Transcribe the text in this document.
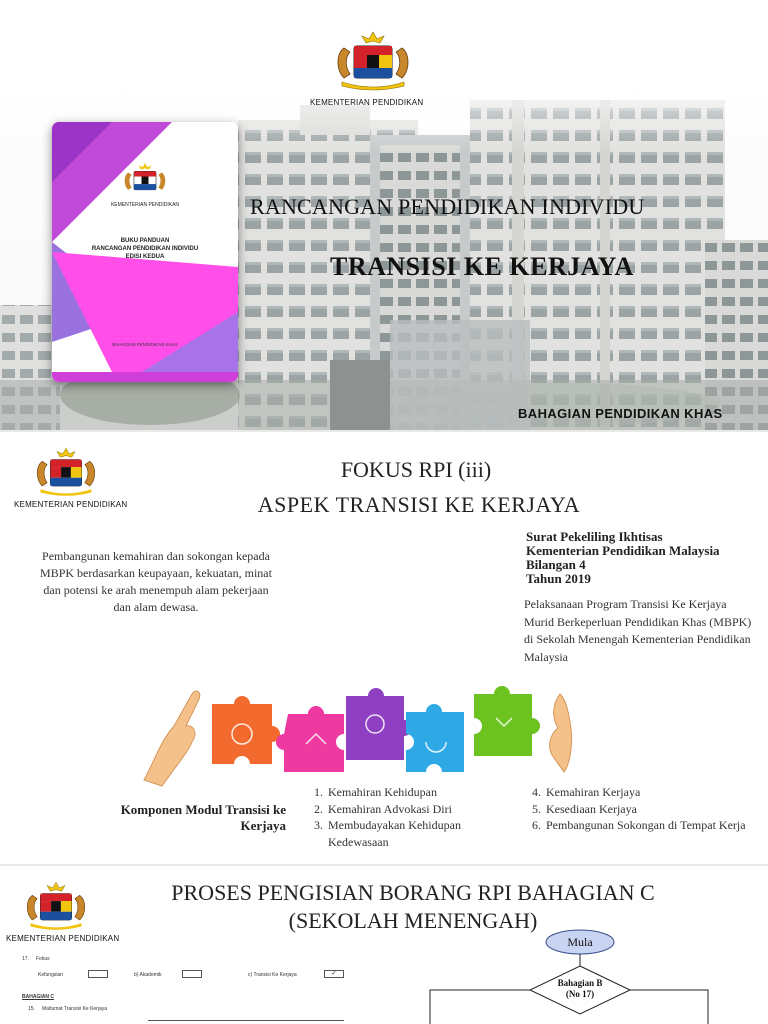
KEMENTERIAN PENDIDIKAN
KEMENTERIAN PENDIDIKAN
BUKU PANDUAN
RANCANGAN PENDIDIKAN INDIVIDU
EDISI KEDUA
BAHAGIAN PENDIDIKAN KHAS
RANCANGAN PENDIDIKAN INDIVIDU
TRANSISI KE KERJAYA
BAHAGIAN PENDIDIKAN KHAS
KEMENTERIAN PENDIDIKAN
FOKUS RPI (iii)
ASPEK TRANSISI KE KERJAYA
Pembangunan kemahiran dan sokongan kepada MBPK berdasarkan keupayaan, kekuatan, minat dan potensi ke arah menempuh alam pekerjaan dan alam dewasa.
Surat Pekeliling Ikhtisas
Kementerian Pendidikan Malaysia
Bilangan 4
Tahun 2019
Pelaksanaan Program Transisi Ke Kerjaya Murid Berkeperluan Pendidikan Khas (MBPK) di Sekolah Menengah Kementerian Pendidikan Malaysia
Komponen Modul Transisi ke Kerjaya
1. Kemahiran Kehidupan
2. Kemahiran Advokasi Diri
3. Membudayakan Kehidupan Kedewasaan
4. Kemahiran Kerjaya
5. Kesediaan Kerjaya
6. Pembangunan Sokongan di Tempat Kerja
KEMENTERIAN PENDIDIKAN
PROSES PENGISIAN BORANG RPI BAHAGIAN C
(SEKOLAH MENENGAH)
17. Fokus
Kefungsian	b) Akademik	c) Transisi Ke Kerjaya	✓
BAHAGIAN C
15. Matlumat Transisi Ke Kerjaya
Mula
Bahagian B
(No 17)
